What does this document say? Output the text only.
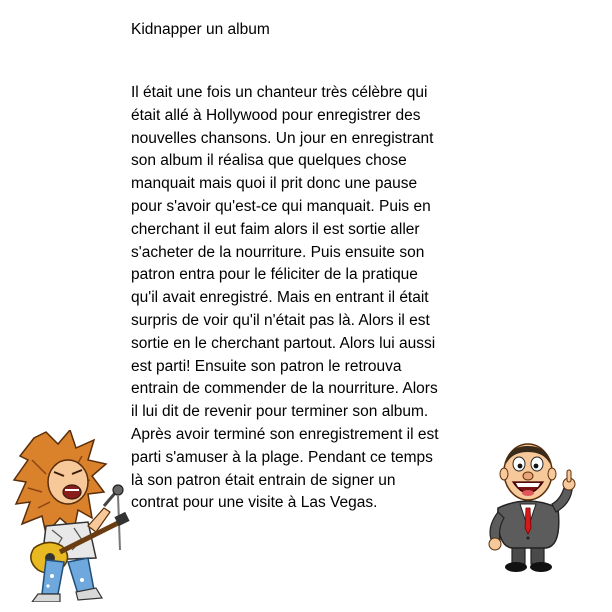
Kidnapper un album
Il était une fois un chanteur très célèbre qui
était allé à Hollywood pour enregistrer des
nouvelles chansons. Un jour en enregistrant
son album il réalisa que quelques chose
manquait mais quoi il prit donc une pause
pour s'avoir qu'est-ce qui manquait. Puis en
cherchant il eut faim alors il est sortie aller
s'acheter de la nourriture. Puis ensuite son
patron entra pour le féliciter de la pratique
qu'il avait enregistré. Mais en entrant il était
surpris de voir qu'il n'était pas là. Alors il est
sortie en le cherchant partout. Alors lui aussi
est parti! Ensuite son patron le retrouva
entrain de commender de la nourriture. Alors
il lui dit de revenir pour terminer son album.
Après avoir terminé son enregistrement il est
parti s'amuser à la plage. Pendant ce temps
là son patron était entrain de signer un
contrat pour une visite à Las Vegas.
